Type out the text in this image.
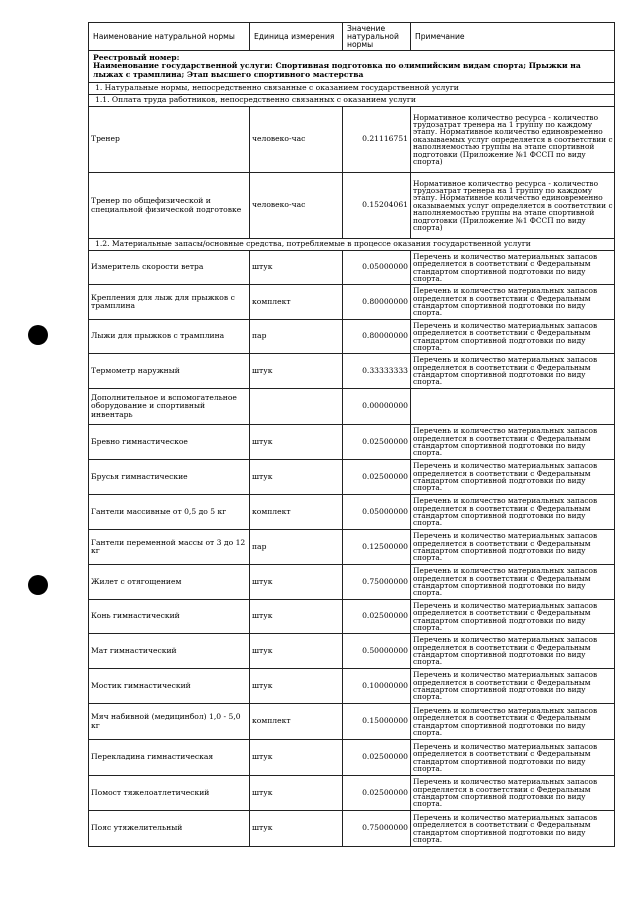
Наименование натуральной нормы	Единица измерения	Значение натуральной нормы	Примечание

Реестровый номер:
Наименование государственной услуги: Спортивная подготовка по олимпийским видам спорта; Прыжки на лыжах с трамплина; Этап высшего спортивного мастерства			

1. Натуральные нормы, непосредственно связанные с оказанием государственной услуги			
1.1. Оплата труда работников, непосредственно связанных с оказанием услуги			
Тренер	человеко-час	0.21116751	Нормативное количество ресурса - количество трудозатрат тренера на 1 группу по каждому этапу. Нормативное количество единовременно оказываемых услуг определяется в соответствии с наполняемостью группы на этапе спортивной подготовки (Приложение №1 ФССП по виду спорта)
Тренер по общефизической и специальной физической подготовке	человеко-час	0.15204061	Нормативное количество ресурса - количество трудозатрат тренера на 1 группу по каждому этапу. Нормативное количество единовременно оказываемых услуг определяется в соответствии с наполняемостью группы на этапе спортивной подготовки (Приложение №1 ФССП по виду спорта)
1.2. Материальные запасы/основные средства, потребляемые в процессе оказания государственной услуги			
Измеритель скорости ветра	штук	0.05000000	Перечень и количество материальных запасов определяется в соответствии с Федеральным стандартом спортивной подготовки по виду спорта.
Крепления для лыж для прыжков с трамплина	комплект	0.80000000	Перечень и количество материальных запасов определяется в соответствии с Федеральным стандартом спортивной подготовки по виду спорта.
Лыжи для прыжков с трамплина	пар	0.80000000	Перечень и количество материальных запасов определяется в соответствии с Федеральным стандартом спортивной подготовки по виду спорта.
Термометр наружный	штук	0.33333333	Перечень и количество материальных запасов определяется в соответствии с Федеральным стандартом спортивной подготовки по виду спорта.
Дополнительное и вспомогательное оборудование и спортивный инвентарь		0.00000000	
Бревно гимнастическое	штук	0.02500000	Перечень и количество материальных запасов определяется в соответствии с Федеральным стандартом спортивной подготовки по виду спорта.
Брусья гимнастические	штук	0.02500000	Перечень и количество материальных запасов определяется в соответствии с Федеральным стандартом спортивной подготовки по виду спорта.
Гантели массивные от 0,5 до 5 кг	комплект	0.05000000	Перечень и количество материальных запасов определяется в соответствии с Федеральным стандартом спортивной подготовки по виду спорта.
Гантели переменной массы от 3 до 12 кг	пар	0.12500000	Перечень и количество материальных запасов определяется в соответствии с Федеральным стандартом спортивной подготовки по виду спорта.
Жилет с отягощением	штук	0.75000000	Перечень и количество материальных запасов определяется в соответствии с Федеральным стандартом спортивной подготовки по виду спорта.
Конь гимнастический	штук	0.02500000	Перечень и количество материальных запасов определяется в соответствии с Федеральным стандартом спортивной подготовки по виду спорта.
Мат гимнастический	штук	0.50000000	Перечень и количество материальных запасов определяется в соответствии с Федеральным стандартом спортивной подготовки по виду спорта.
Мостик гимнастический	штук	0.10000000	Перечень и количество материальных запасов определяется в соответствии с Федеральным стандартом спортивной подготовки по виду спорта.
Мяч набивной (медицинбол) 1,0 - 5,0 кг	комплект	0.15000000	Перечень и количество материальных запасов определяется в соответствии с Федеральным стандартом спортивной подготовки по виду спорта.
Перекладина гимнастическая	штук	0.02500000	Перечень и количество материальных запасов определяется в соответствии с Федеральным стандартом спортивной подготовки по виду спорта.
Помост тяжелоатлетический	штук	0.02500000	Перечень и количество материальных запасов определяется в соответствии с Федеральным стандартом спортивной подготовки по виду спорта.
Пояс утяжелительный	штук	0.75000000	Перечень и количество материальных запасов определяется в соответствии с Федеральным стандартом спортивной подготовки по виду спорта.
